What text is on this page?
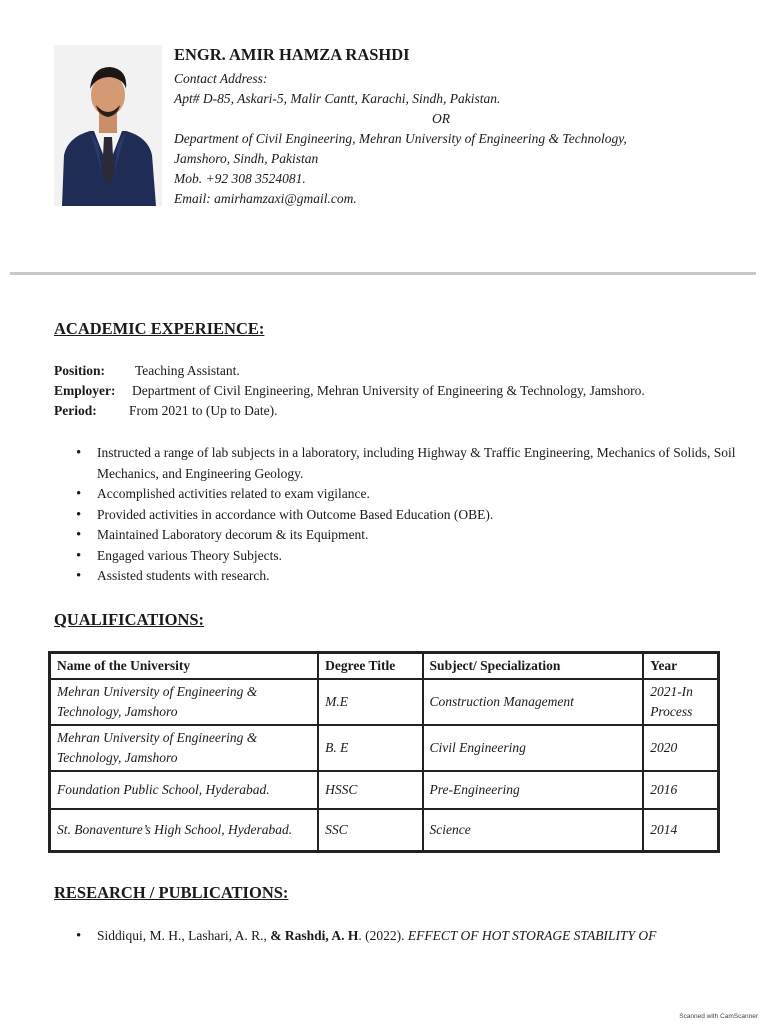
ENGR. AMIR HAMZA RASHDI
Contact Address:
Apt# D-85, Askari-5, Malir Cantt, Karachi, Sindh, Pakistan.
OR
Department of Civil Engineering, Mehran University of Engineering & Technology,
Jamshoro, Sindh, Pakistan
Mob. +92 308 3524081.
Email: amirhamzaxi@gmail.com.
ACADEMIC EXPERIENCE:
Position: Teaching Assistant.
Employer: Department of Civil Engineering, Mehran University of Engineering & Technology, Jamshoro.
Period: From 2021 to (Up to Date).
• Instructed a range of lab subjects in a laboratory, including Highway & Traffic Engineering, Mechanics of Solids, Soil Mechanics, and Engineering Geology.
• Accomplished activities related to exam vigilance.
• Provided activities in accordance with Outcome Based Education (OBE).
• Maintained Laboratory decorum & its Equipment.
• Engaged various Theory Subjects.
• Assisted students with research.
QUALIFICATIONS:
Name of the University	Degree Title	Subject/ Specialization	Year
Mehran University of Engineering & Technology, Jamshoro	M.E	Construction Management	2021-In Process
Mehran University of Engineering & Technology, Jamshoro	B. E	Civil Engineering	2020
Foundation Public School, Hyderabad.	HSSC	Pre-Engineering	2016
St. Bonaventure’s High School, Hyderabad.	SSC	Science	2014
RESEARCH / PUBLICATIONS:
• Siddiqui, M. H., Lashari, A. R., & Rashdi, A. H. (2022). EFFECT OF HOT STORAGE STABILITY OF
Scanned with CamScanner
